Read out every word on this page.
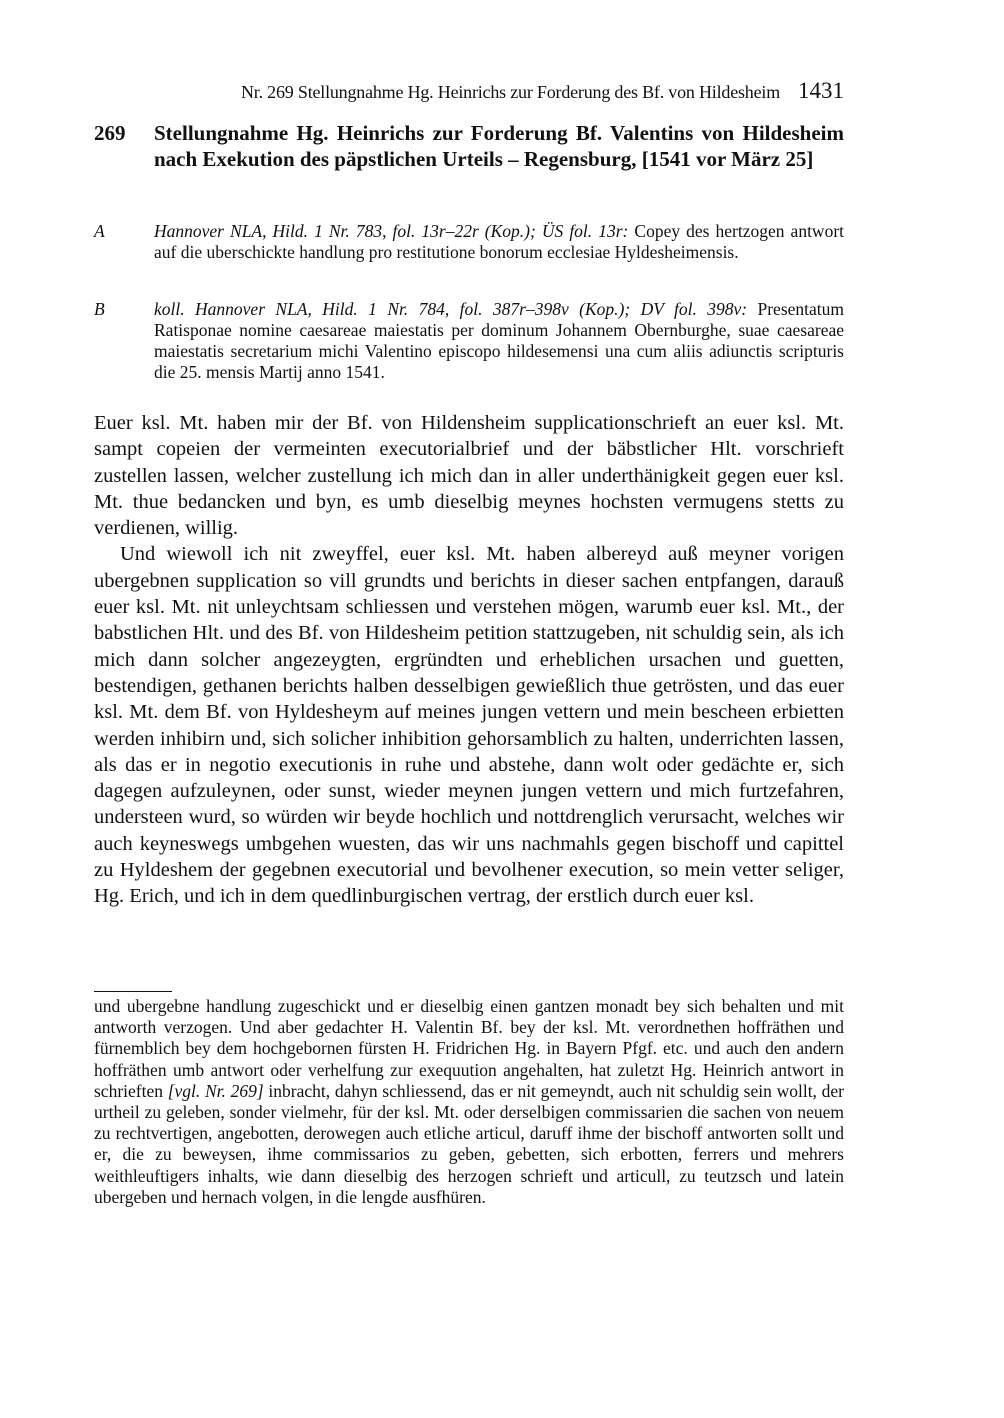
Nr. 269 Stellungnahme Hg. Heinrichs zur Forderung des Bf. von Hildesheim 1431
269	Stellungnahme Hg. Heinrichs zur Forderung Bf. Valentins von Hildesheim nach Exekution des päpstlichen Urteils – Regensburg, [1541 vor März 25]
A	Hannover NLA, Hild. 1 Nr. 783, fol. 13r–22r (Kop.); ÜS fol. 13r: Copey des hertzogen antwort auf die uberschickte handlung pro restitutione bonorum ecclesiae Hyldesheimensis.
B	koll. Hannover NLA, Hild. 1 Nr. 784, fol. 387r–398v (Kop.); DV fol. 398v: Presentatum Ratisponae nomine caesareae maiestatis per dominum Johannem Obernburghe, suae caesareae maiestatis secretarium michi Valentino episcopo hildesemensi una cum aliis adiunctis scripturis die 25. mensis Martij anno 1541.

Euer ksl. Mt. haben mir der Bf. von Hildensheim supplicationschrieft an euer ksl. Mt. sampt copeien der vermeinten executorialbrief und der bäbstlicher Hlt. vorschrieft zustellen lassen, welcher zustellung ich mich dan in aller underthänigkeit gegen euer ksl. Mt. thue bedancken und byn, es umb dieselbig meynes hochsten vermugens stetts zu verdienen, willig.

Und wiewoll ich nit zweyffel, euer ksl. Mt. haben albereyd auß meyner vorigen ubergebnen supplication so vill grundts und berichts in dieser sachen entpfangen, darauß euer ksl. Mt. nit unleychtsam schliessen und verstehen mögen, warumb euer ksl. Mt., der babstlichen Hlt. und des Bf. von Hildesheim petition stattzugeben, nit schuldig sein, als ich mich dann solcher angezeygten, ergründten und erheblichen ursachen und guetten, bestendigen, gethanen berichts halben desselbigen gewießlich thue getrösten, und das euer ksl. Mt. dem Bf. von Hyldesheym auf meines jungen vettern und mein bescheen erbietten werden inhibirn und, sich solicher inhibition gehorsamblich zu halten, underrichten lassen, als das er in negotio executionis in ruhe und abstehe, dann wolt oder gedächte er, sich dagegen aufzuleynen, oder sunst, wieder meynen jungen vettern und mich furtzefahren, understeen wurd, so würden wir beyde hochlich und nottdrenglich verursacht, welches wir auch keyneswegs umbgehen wuesten, das wir uns nachmahls gegen bischoff und capittel zu Hyldeshem der gegebnen executorial und bevolhener execution, so mein vetter seliger, Hg. Erich, und ich in dem quedlinburgischen vertrag, der erstlich durch euer ksl.

und ubergebne handlung zugeschickt und er dieselbig einen gantzen monadt bey sich behalten und mit antworth verzogen. Und aber gedachter H. Valentin Bf. bey der ksl. Mt. verordnethen hoffräthen und fürnemblich bey dem hochgebornen fürsten H. Fridrichen Hg. in Bayern Pfgf. etc. und auch den andern hoffräthen umb antwort oder verhelfung zur exequution angehalten, hat zuletzt Hg. Heinrich antwort in schrieften [vgl. Nr. 269] inbracht, dahyn schliessend, das er nit gemeyndt, auch nit schuldig sein wollt, der urtheil zu geleben, sonder vielmehr, für der ksl. Mt. oder derselbigen commissarien die sachen von neuem zu rechtvertigen, angebotten, derowegen auch etliche articul, daruff ihme der bischoff antworten sollt und er, die zu beweysen, ihme commissarios zu geben, gebetten, sich erbotten, ferrers und mehrers weithleuftigers inhalts, wie dann dieselbig des herzogen schrieft und articull, zu teutzsch und latein ubergeben und hernach volgen, in die lengde ausfhüren.
